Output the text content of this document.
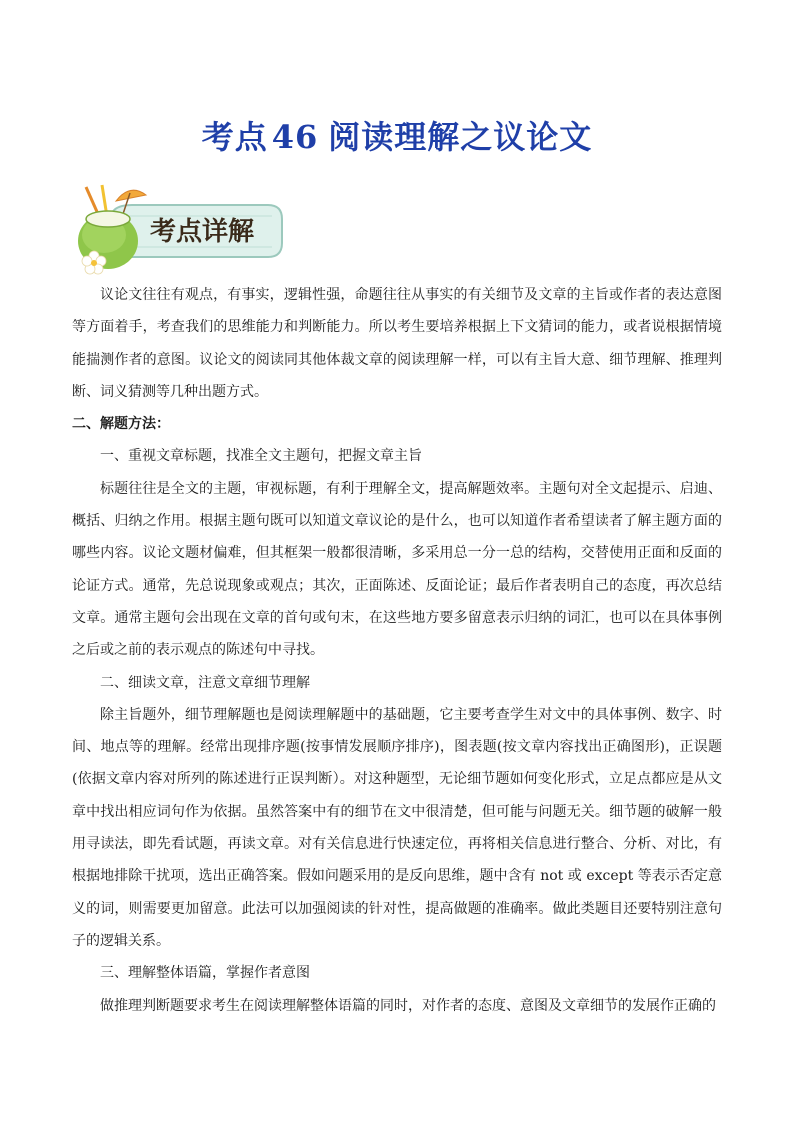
考点 46 阅读理解之议论文
考点详解

议论文往往有观点，有事实，逻辑性强，命题往往从事实的有关细节及文章的主旨或作者的表达意图等方面着手，考查我们的思维能力和判断能力。所以考生要培养根据上下文猜词的能力，或者说根据情境能揣测作者的意图。议论文的阅读同其他体裁文章的阅读理解一样，可以有主旨大意、细节理解、推理判断、词义猜测等几种出题方式。

二、解题方法：

一、重视文章标题，找准全文主题句，把握文章主旨

标题往往是全文的主题，审视标题，有利于理解全文，提高解题效率。主题句对全文起提示、启迪、概括、归纳之作用。根据主题句既可以知道文章议论的是什么，也可以知道作者希望读者了解主题方面的哪些内容。议论文题材偏难，但其框架一般都很清晰，多采用总一分一总的结构，交替使用正面和反面的论证方式。通常，先总说现象或观点；其次，正面陈述、反面论证；最后作者表明自己的态度，再次总结文章。通常主题句会出现在文章的首句或句末，在这些地方要多留意表示归纳的词汇，也可以在具体事例之后或之前的表示观点的陈述句中寻找。

二、细读文章，注意文章细节理解

除主旨题外，细节理解题也是阅读理解题中的基础题，它主要考查学生对文中的具体事例、数字、时间、地点等的理解。经常出现排序题(按事情发展顺序排序)，图表题(按文章内容找出正确图形)，正误题(依据文章内容对所列的陈述进行正误判断）。对这种题型，无论细节题如何变化形式，立足点都应是从文章中找出相应词句作为依据。虽然答案中有的细节在文中很清楚，但可能与问题无关。细节题的破解一般用寻读法，即先看试题，再读文章。对有关信息进行快速定位，再将相关信息进行整合、分析、对比，有根据地排除干扰项，选出正确答案。假如问题采用的是反向思维，题中含有 not 或 except 等表示否定意义的词，则需要更加留意。此法可以加强阅读的针对性，提高做题的准确率。做此类题目还要特别注意句子的逻辑关系。

三、理解整体语篇，掌握作者意图

做推理判断题要求考生在阅读理解整体语篇的同时，对作者的态度、意图及文章细节的发展作正确的
